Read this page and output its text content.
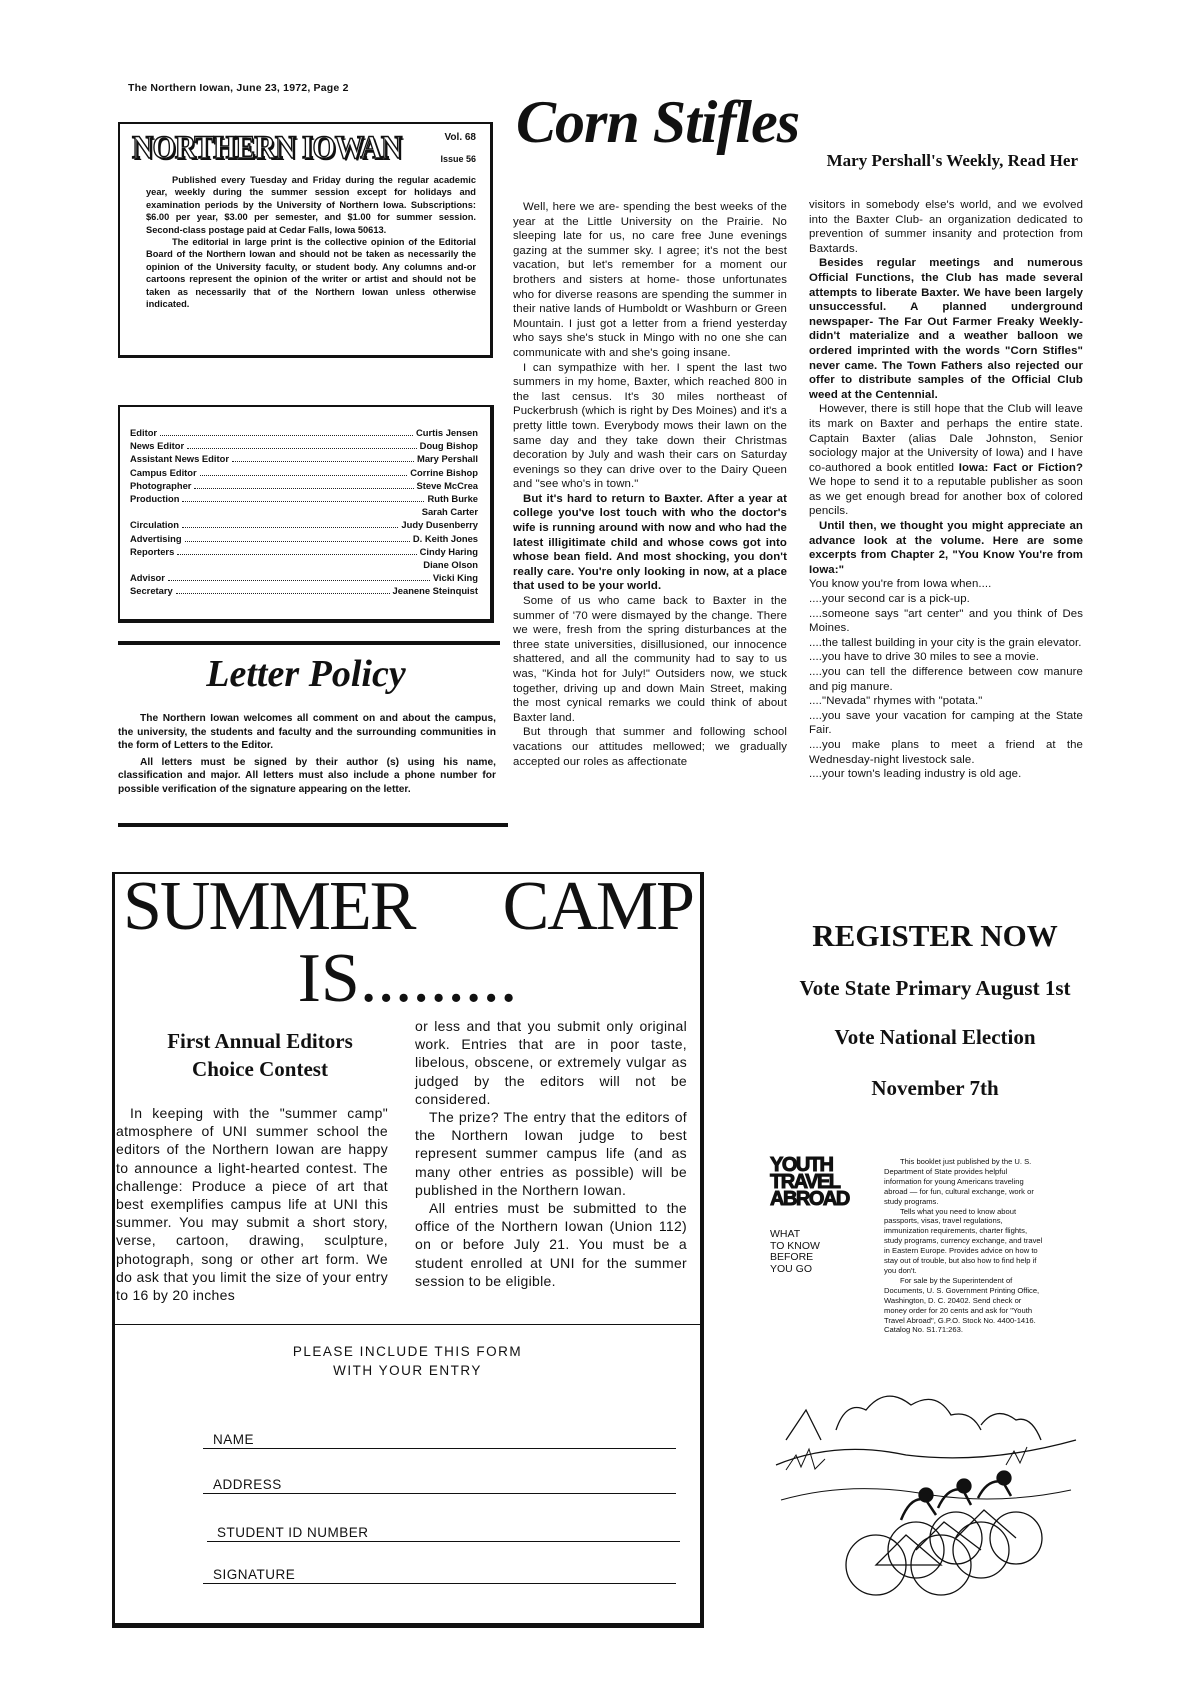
The Northern Iowan, June 23, 1972, Page 2
NORTHERN IOWAN	Vol. 68
Issue 56

Published every Tuesday and Friday during the regular academic year, weekly during the summer session except for holidays and examination periods by the University of Northern Iowa. Subscriptions: $6.00 per year, $3.00 per semester, and $1.00 for summer session. Second-class postage paid at Cedar Falls, Iowa 50613.

The editorial in large print is the collective opinion of the Editorial Board of the Northern Iowan and should not be taken as necessarily the opinion of the University faculty, or student body. Any columns and-or cartoons represent the opinion of the writer or artist and should not be taken as necessarily that of the Northern Iowan unless otherwise indicated.

Editor	Curtis Jensen
News Editor	Doug Bishop
Assistant News Editor	Mary Pershall
Campus Editor	Corrine Bishop
Photographer	Steve McCrea
Production	Ruth Burke
Sarah Carter
Circulation	Judy Dusenberry
Advertising	D. Keith Jones
Reporters	Cindy Haring
Diane Olson
Advisor	Vicki King
Secretary	Jeanene Steinquist
Letter Policy

The Northern Iowan welcomes all comment on and about the campus, the university, the students and faculty and the surrounding communities in the form of Letters to the Editor.

All letters must be signed by their author (s) using his name, classification and major. All letters must also include a phone number for possible verification of the signature appearing on the letter.

Corn Stifles
Mary Pershall's Weekly, Read Her

Well, here we are- spending the best weeks of the year at the Little University on the Prairie. No sleeping late for us, no care free June evenings gazing at the summer sky. I agree; it's not the best vacation, but let's remember for a moment our brothers and sisters at home- those unfortunates who for diverse reasons are spending the summer in their native lands of Humboldt or Washburn or Green Mountain. I just got a letter from a friend yesterday who says she's stuck in Mingo with no one she can communicate with and she's going insane.

I can sympathize with her. I spent the last two summers in my home, Baxter, which reached 800 in the last census. It's 30 miles northeast of Puckerbrush (which is right by Des Moines) and it's a pretty little town. Everybody mows their lawn on the same day and they take down their Christmas decoration by July and wash their cars on Saturday evenings so they can drive over to the Dairy Queen and "see who's in town."

But it's hard to return to Baxter. After a year at college you've lost touch with who the doctor's wife is running around with now and who had the latest illigitimate child and whose cows got into whose bean field. And most shocking, you don't really care. You're only looking in now, at a place that used to be your world.

Some of us who came back to Baxter in the summer of '70 were dismayed by the change. There we were, fresh from the spring disturbances at the three state universities, disillusioned, our innocence shattered, and all the community had to say to us was, "Kinda hot for July!" Outsiders now, we stuck together, driving up and down Main Street, making the most cynical remarks we could think of about Baxter land.

But through that summer and following school vacations our attitudes mellowed; we gradually accepted our roles as affectionate

visitors in somebody else's world, and we evolved into the Baxter Club- an organization dedicated to prevention of summer insanity and protection from Baxtards.

Besides regular meetings and numerous Official Functions, the Club has made several attempts to liberate Baxter. We have been largely unsuccessful. A planned underground newspaper- The Far Out Farmer Freaky Weekly- didn't materialize and a weather balloon we ordered imprinted with the words "Corn Stifles" never came. The Town Fathers also rejected our offer to distribute samples of the Official Club weed at the Centennial.

However, there is still hope that the Club will leave its mark on Baxter and perhaps the entire state. Captain Baxter (alias Dale Johnston, Senior sociology major at the University of Iowa) and I have co-authored a book entitled Iowa: Fact or Fiction? We hope to send it to a reputable publisher as soon as we get enough bread for another box of colored pencils.

Until then, we thought you might appreciate an advance look at the volume. Here are some excerpts from Chapter 2, "You Know You're from Iowa:"

You know you're from Iowa when....

....your second car is a pick-up.

....someone says "art center" and you think of Des Moines.

....the tallest building in your city is the grain elevator.

....you have to drive 30 miles to see a movie.

....you can tell the difference between cow manure and pig manure.

...."Nevada" rhymes with "potata."

....you save your vacation for camping at the State Fair.

....you make plans to meet a friend at the Wednesday-night livestock sale.

....your town's leading industry is old age.

SUMMER CAMP
IS.........
First Annual Editors Choice Contest

In keeping with the "summer camp" atmosphere of UNI summer school the editors of the Northern Iowan are happy to announce a light-hearted contest. The challenge: Produce a piece of art that best exemplifies campus life at UNI this summer. You may submit a short story, verse, cartoon, drawing, sculpture, photograph, song or other art form. We do ask that you limit the size of your entry to 16 by 20 inches

or less and that you submit only original work. Entries that are in poor taste, libelous, obscene, or extremely vulgar as judged by the editors will not be considered.

The prize? The entry that the editors of the Northern Iowan judge to best represent summer campus life (and as many other entries as possible) will be published in the Northern Iowan.

All entries must be submitted to the office of the Northern Iowan (Union 112) on or before July 21. You must be a student enrolled at UNI for the summer session to be eligible.

PLEASE INCLUDE THIS FORM
WITH YOUR ENTRY
NAME
ADDRESS
STUDENT ID NUMBER
SIGNATURE
REGISTER NOW
Vote State Primary August 1st
Vote National Election
November 7th
YOUTH
TRAVEL
ABROAD
WHAT
TO KNOW
BEFORE
YOU GO

This booklet just published by the U. S. Department of State provides helpful information for young Americans traveling abroad — for fun, cultural exchange, work or study programs.

Tells what you need to know about passports, visas, travel regulations, immunization requirements, charter flights, study programs, currency exchange, and travel in Eastern Europe. Provides advice on how to stay out of trouble, but also how to find help if you don't.

For sale by the Superintendent of Documents, U. S. Government Printing Office, Washington, D. C. 20402. Send check or money order for 20 cents and ask for "Youth Travel Abroad", G.P.O. Stock No. 4400-1416. Catalog No. S1.71:263.
